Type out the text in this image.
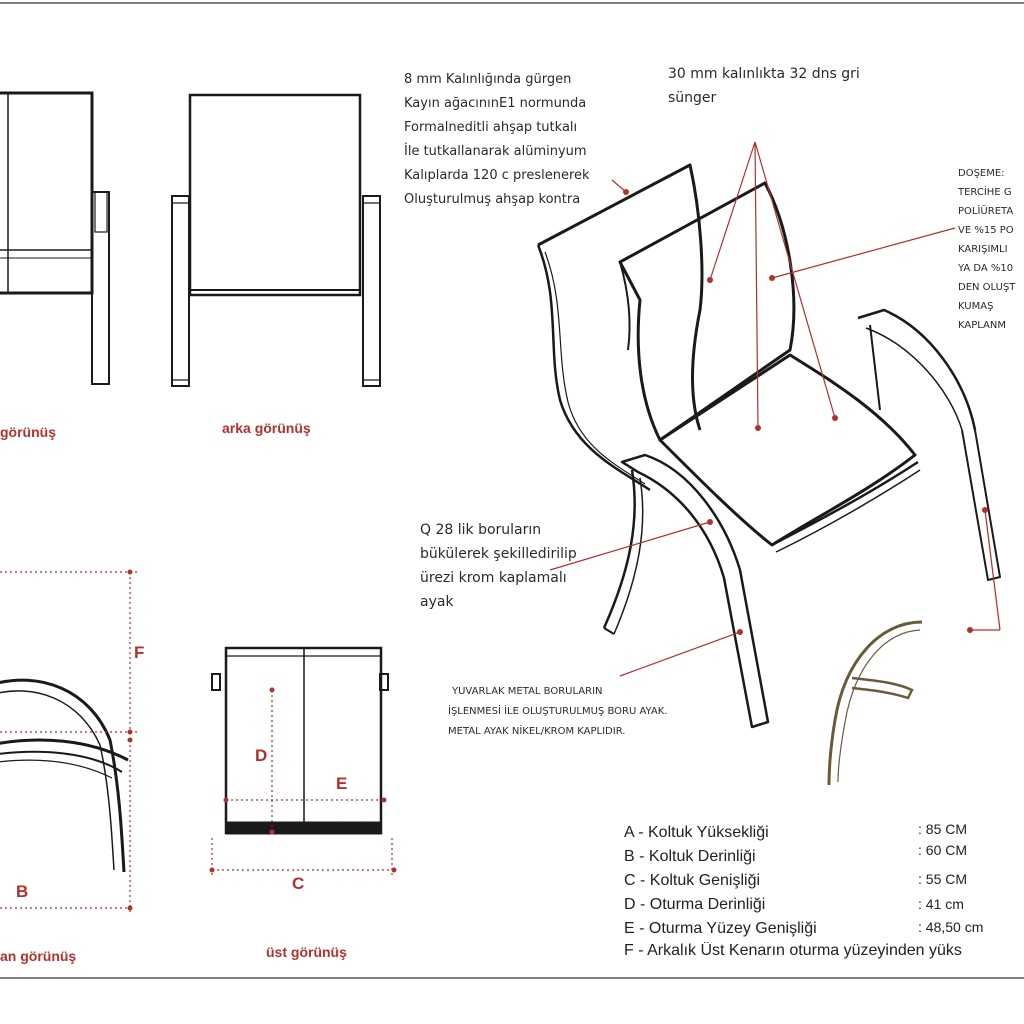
görünüş	arka görünüş
an görünüş	üst görünüş
F
B
D
E
C
8 mm Kalınlığında gürgen
Kayın ağacınınE1 normunda
Formalneditli ahşap tutkalı
İle tutkallanarak alüminyum
Kalıplarda 120 c preslenerek
Oluşturulmuş ahşap kontra
30 mm kalınlıkta 32 dns gri
sünger
DOŞEME:
TERCİHE G
POLİÜRETA
VE %15 PO
KARIŞIMLI
YA DA %10
DEN OLUŞT
KUMAŞ
KAPLANM
Q 28 lik boruların
bükülerek şekilledirilip
ürezi krom kaplamalı
ayak
YUVARLAK METAL BORULARIN
İŞLENMESİ İLE OLUŞTURULMUŞ BORU AYAK.
METAL AYAK NİKEL/KROM KAPLIDIR.
A - Koltuk Yüksekliği	: 85 CM
B - Koltuk Derinliği	: 60 CM
C - Koltuk Genişliği	: 55 CM
D - Oturma Derinliği	: 41 cm
E - Oturma Yüzey Genişliği	: 48,50 cm
F - Arkalık Üst Kenarın oturma yüzeyinden yüks
